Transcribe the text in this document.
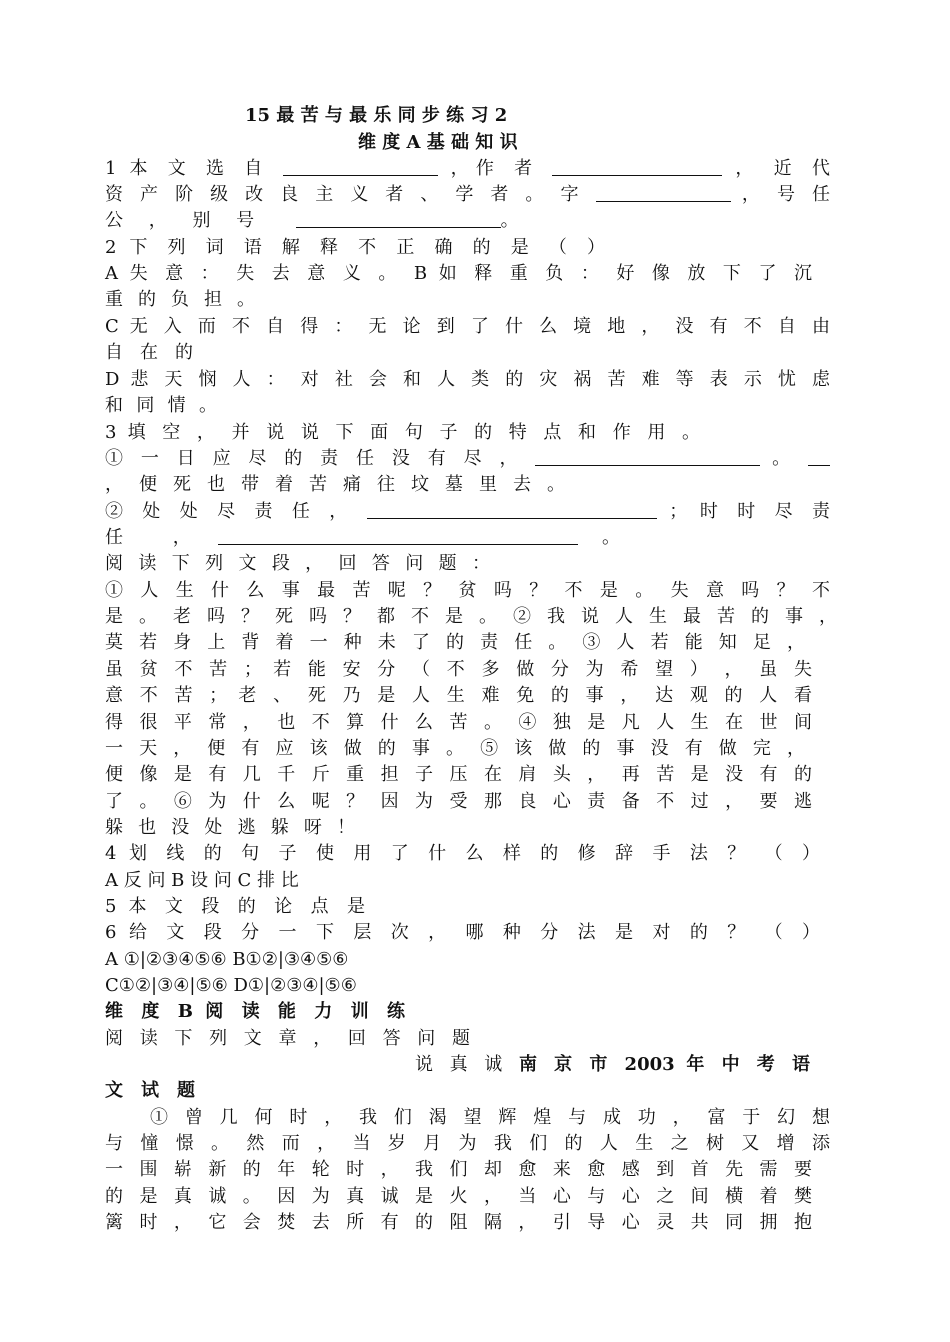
15 最 苦 与 最 乐 同 步 练 习 2
维 度 A 基 础 知 识
1 本 文 选 自	，作 者	， 近 代
资 产 阶 级 改 良 主 义 者 、 学 者 。 字	， 号 任
公 ， 别 号	。
2 下 列 词 语 解 释 不 正 确 的 是 （ ）
A 失 意 ： 失 去 意 义 。 B 如 释 重 负 ： 好 像 放 下 了 沉
重 的 负 担 。
C 无 入 而 不 自 得 ： 无 论 到 了 什 么 境 地 ， 没 有 不 自 由
自 在 的
D 悲 天 悯 人 ： 对 社 会 和 人 类 的 灾 祸 苦 难 等 表 示 忧 虑
和 同 情 。
3 填 空 ， 并 说 说 下 面 句 子 的 特 点 和 作 用 。
① 一 日 应 尽 的 责 任 没 有 尽 ，	。
， 便 死 也 带 着 苦 痛 往 坟 墓 里 去 。
② 处 处 尽 责 任 ，	； 时 时 尽 责
任 ，	。
阅 读 下 列 文 段 ， 回 答 问 题 ：
① 人 生 什 么 事 最 苦 呢 ？ 贫 吗 ？ 不 是 。 失 意 吗 ？ 不
是 。 老 吗 ？ 死 吗 ？ 都 不 是 。 ② 我 说 人 生 最 苦 的 事 ，
莫 若 身 上 背 着 一 种 未 了 的 责 任 。 ③ 人 若 能 知 足 ，
虽 贫 不 苦 ； 若 能 安 分 （ 不 多 做 分 为 希 望 ） ， 虽 失
意 不 苦 ； 老 、 死 乃 是 人 生 难 免 的 事 ， 达 观 的 人 看
得 很 平 常 ， 也 不 算 什 么 苦 。 ④ 独 是 凡 人 生 在 世 间
一 天 ， 便 有 应 该 做 的 事 。 ⑤ 该 做 的 事 没 有 做 完 ，
便 像 是 有 几 千 斤 重 担 子 压 在 肩 头 ， 再 苦 是 没 有 的
了 。 ⑥ 为 什 么 呢 ？ 因 为 受 那 良 心 责 备 不 过 ， 要 逃
躲 也 没 处 逃 躲 呀 ！
4 划 线 的 句 子 使 用 了 什 么 样 的 修 辞 手 法 ？ （ ）
A 反 问 B 设 问 C 排 比
5 本 文 段 的 论 点 是
6 给 文 段 分 一 下 层 次 ， 哪 种 分 法 是 对 的 ？ （ ）
A ①|②③④⑤⑥ B①②|③④⑤⑥
C①②|③④|⑤⑥ D①|②③④|⑤⑥
维 度 B 阅 读 能 力 训 练
阅 读 下 列 文 章 ， 回 答 问 题
说 真 诚 南 京 市 2003 年 中 考 语
文 试 题
① 曾 几 何 时 ， 我 们 渴 望 辉 煌 与 成 功 ， 富 于 幻 想
与 憧 憬 。 然 而 ， 当 岁 月 为 我 们 的 人 生 之 树 又 增 添
一 围 崭 新 的 年 轮 时 ， 我 们 却 愈 来 愈 感 到 首 先 需 要
的 是 真 诚 。 因 为 真 诚 是 火 ， 当 心 与 心 之 间 横 着 樊
篱 时 ， 它 会 焚 去 所 有 的 阻 隔 ， 引 导 心 灵 共 同 拥 抱
